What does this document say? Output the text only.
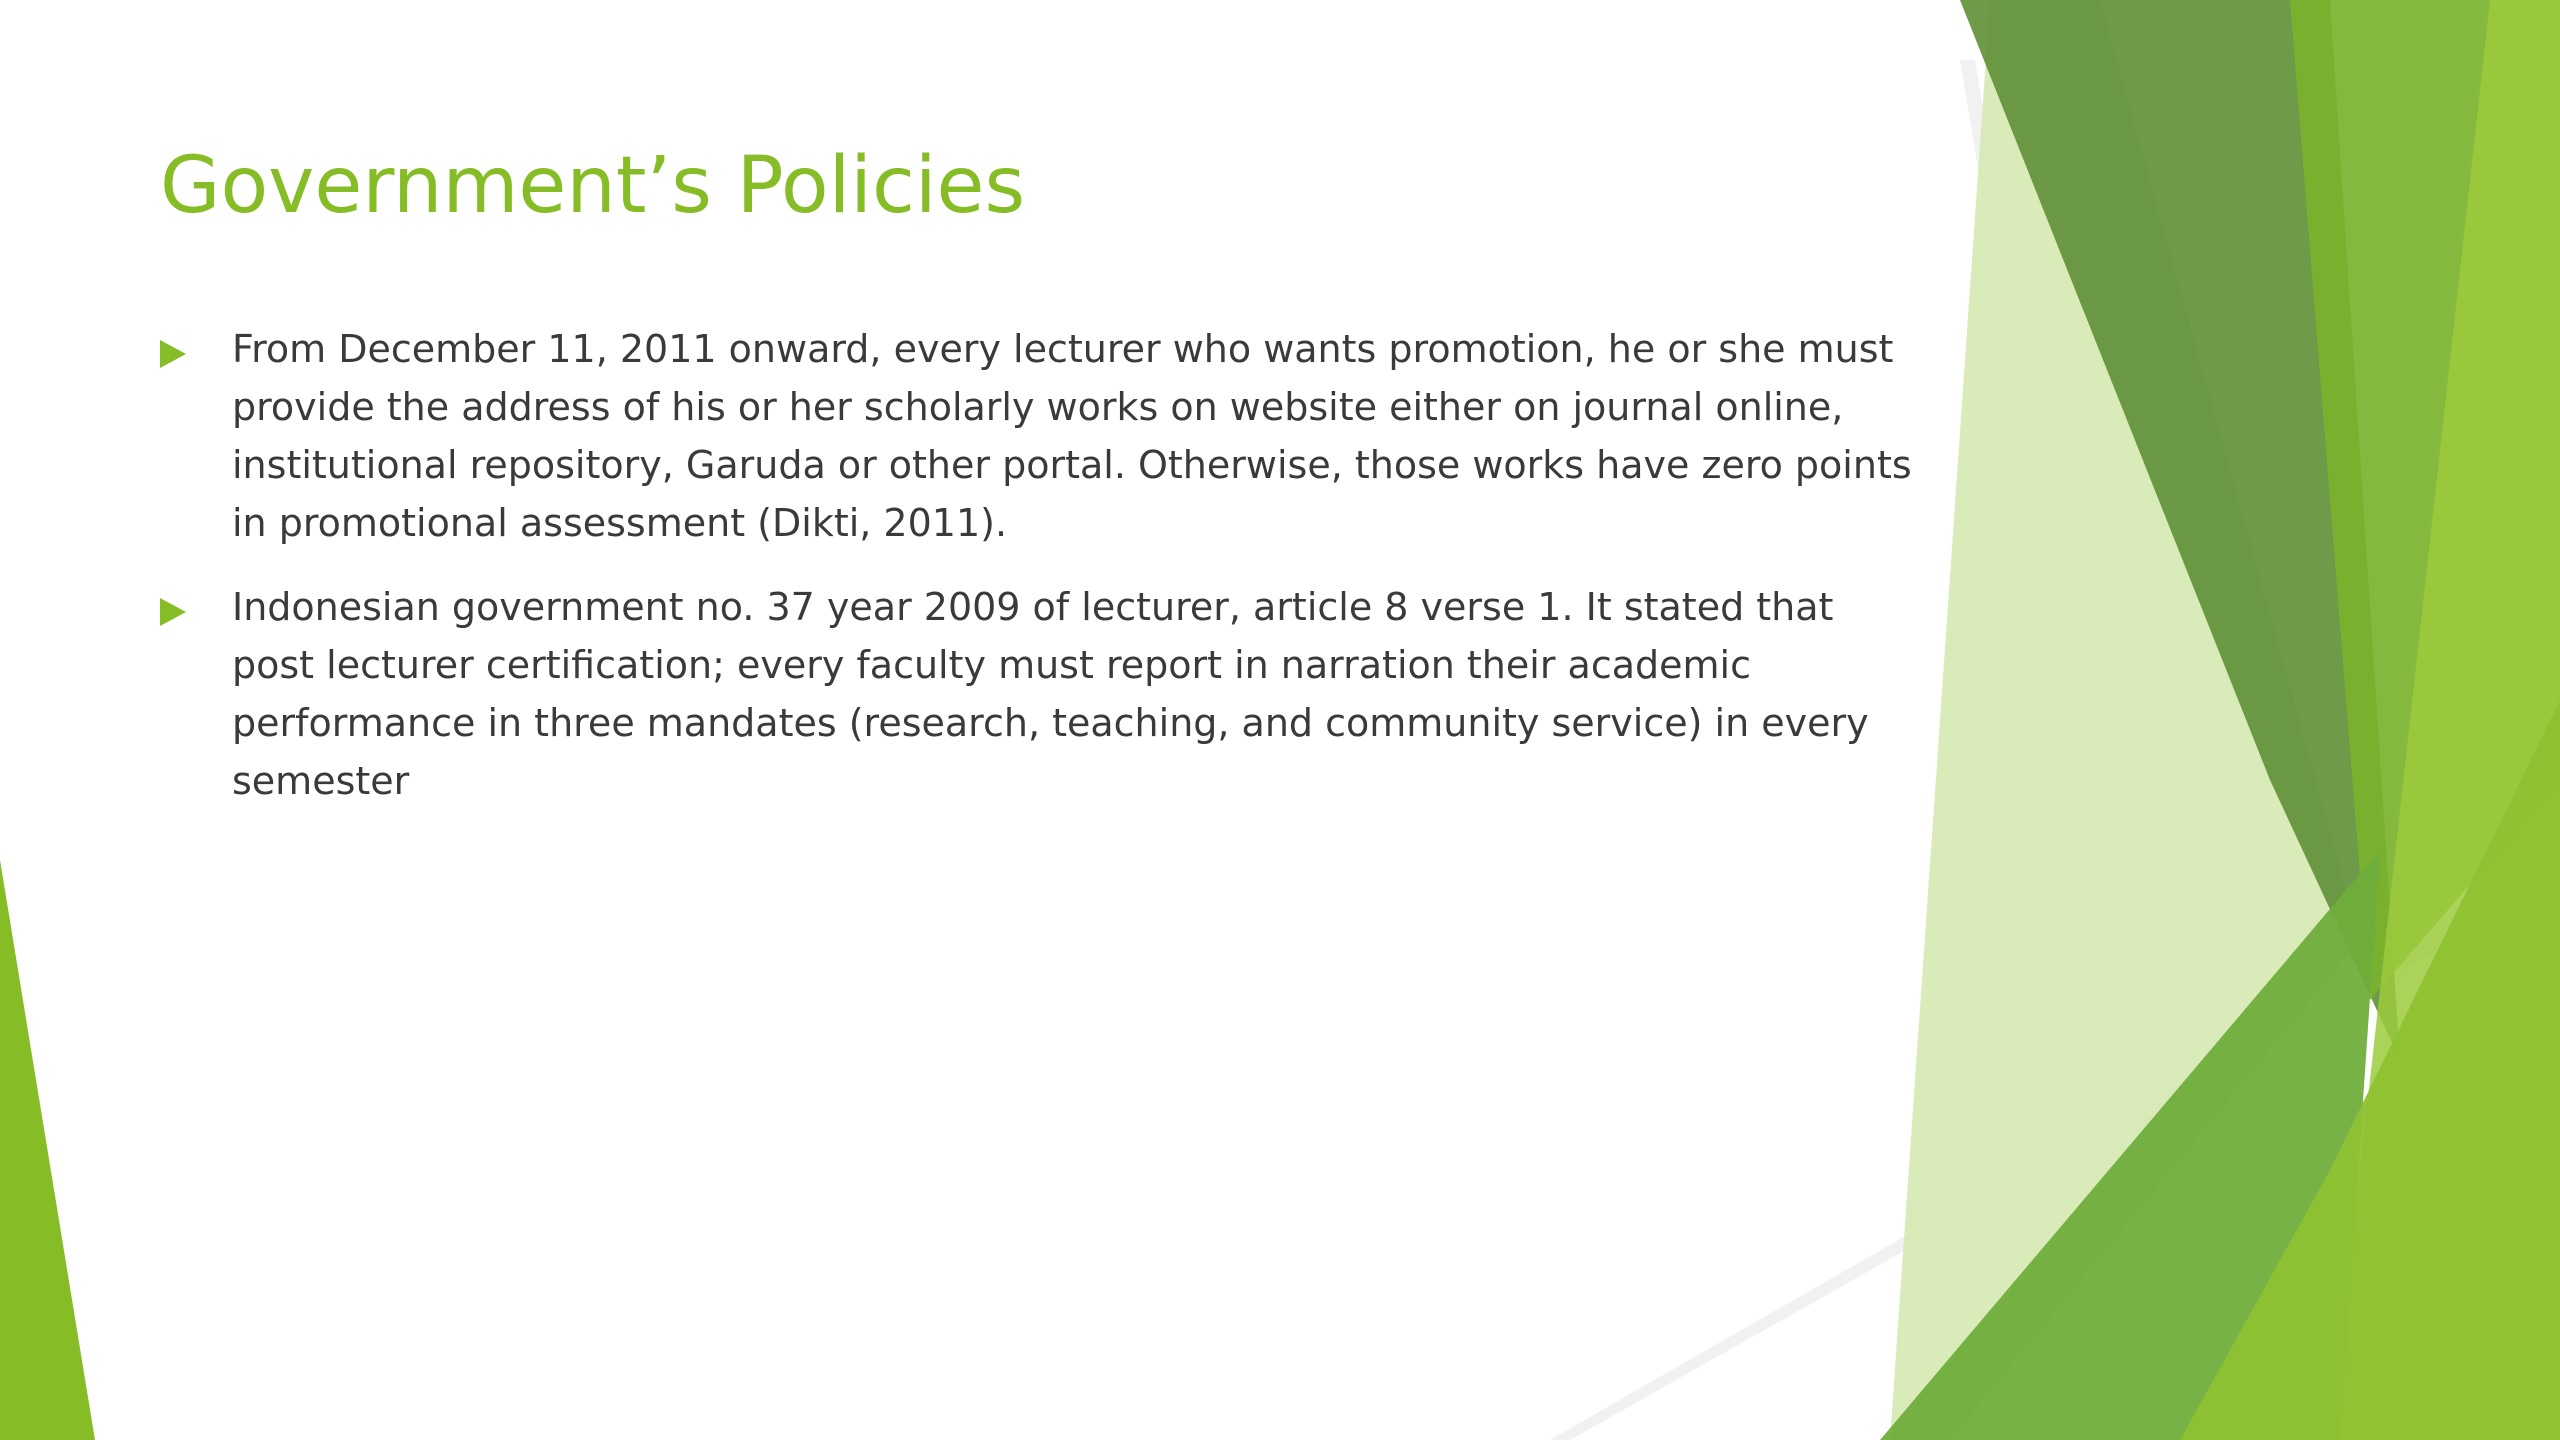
Government’s Policies
From December 11, 2011 onward, every lecturer who wants promotion, he or she must provide the address of his or her scholarly works on website either on journal online, institutional repository, Garuda or other portal. Otherwise, those works have zero points in promotional assessment (Dikti, 2011).
Indonesian government no. 37 year 2009 of lecturer, article 8 verse 1. It stated that post lecturer certification; every faculty must report in narration their academic performance in three mandates (research, teaching, and community service) in every semester
